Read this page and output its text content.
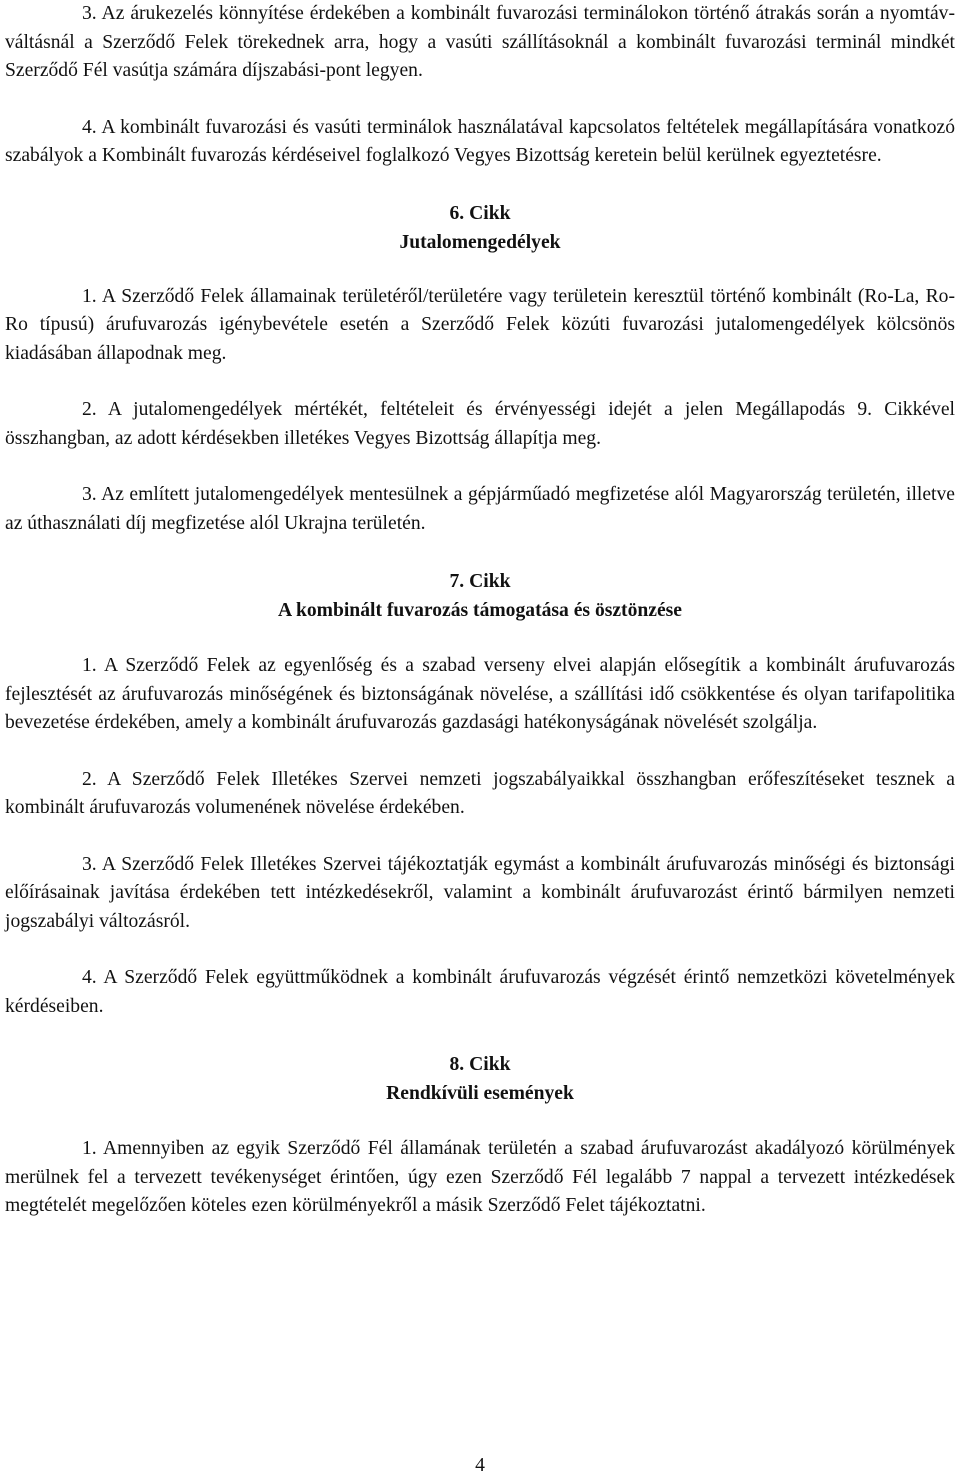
3. Az árukezelés könnyítése érdekében a kombinált fuvarozási terminálokon történő átrakás során a nyomtáv-váltásnál a Szerződő Felek törekednek arra, hogy a vasúti szállításoknál a kombinált fuvarozási terminál mindkét Szerződő Fél vasútja számára díjszabási-pont legyen.

4. A kombinált fuvarozási és vasúti terminálok használatával kapcsolatos feltételek megállapítására vonatkozó szabályok a Kombinált fuvarozás kérdéseivel foglalkozó Vegyes Bizottság keretein belül kerülnek egyeztetésre.

6. Cikk
Jutalomengedélyek

1. A Szerződő Felek államainak területéről/területére vagy területein keresztül történő kombinált (Ro-La, Ro-Ro típusú) árufuvarozás igénybevétele esetén a Szerződő Felek közúti fuvarozási jutalomengedélyek kölcsönös kiadásában állapodnak meg.

2. A jutalomengedélyek mértékét, feltételeit és érvényességi idejét a jelen Megállapodás 9. Cikkével összhangban, az adott kérdésekben illetékes Vegyes Bizottság állapítja meg.

3. Az említett jutalomengedélyek mentesülnek a gépjárműadó megfizetése alól Magyarország területén, illetve az úthasználati díj megfizetése alól Ukrajna területén.

7. Cikk
A kombinált fuvarozás támogatása és ösztönzése

1. A Szerződő Felek az egyenlőség és a szabad verseny elvei alapján elősegítik a kombinált árufuvarozás fejlesztését az árufuvarozás minőségének és biztonságának növelése, a szállítási idő csökkentése és olyan tarifapolitika bevezetése érdekében, amely a kombinált árufuvarozás gazdasági hatékonyságának növelését szolgálja.

2. A Szerződő Felek Illetékes Szervei nemzeti jogszabályaikkal összhangban erőfeszítéseket tesznek a kombinált árufuvarozás volumenének növelése érdekében.

3. A Szerződő Felek Illetékes Szervei tájékoztatják egymást a kombinált árufuvarozás minőségi és biztonsági előírásainak javítása érdekében tett intézkedésekről, valamint a kombinált árufuvarozást érintő bármilyen nemzeti jogszabályi változásról.

4. A Szerződő Felek együttműködnek a kombinált árufuvarozás végzését érintő nemzetközi követelmények kérdéseiben.

8. Cikk
Rendkívüli események

1. Amennyiben az egyik Szerződő Fél államának területén a szabad árufuvarozást akadályozó körülmények merülnek fel a tervezett tevékenységet érintően, úgy ezen Szerződő Fél legalább 7 nappal a tervezett intézkedések megtételét megelőzően köteles ezen körülményekről a másik Szerződő Felet tájékoztatni.

4
